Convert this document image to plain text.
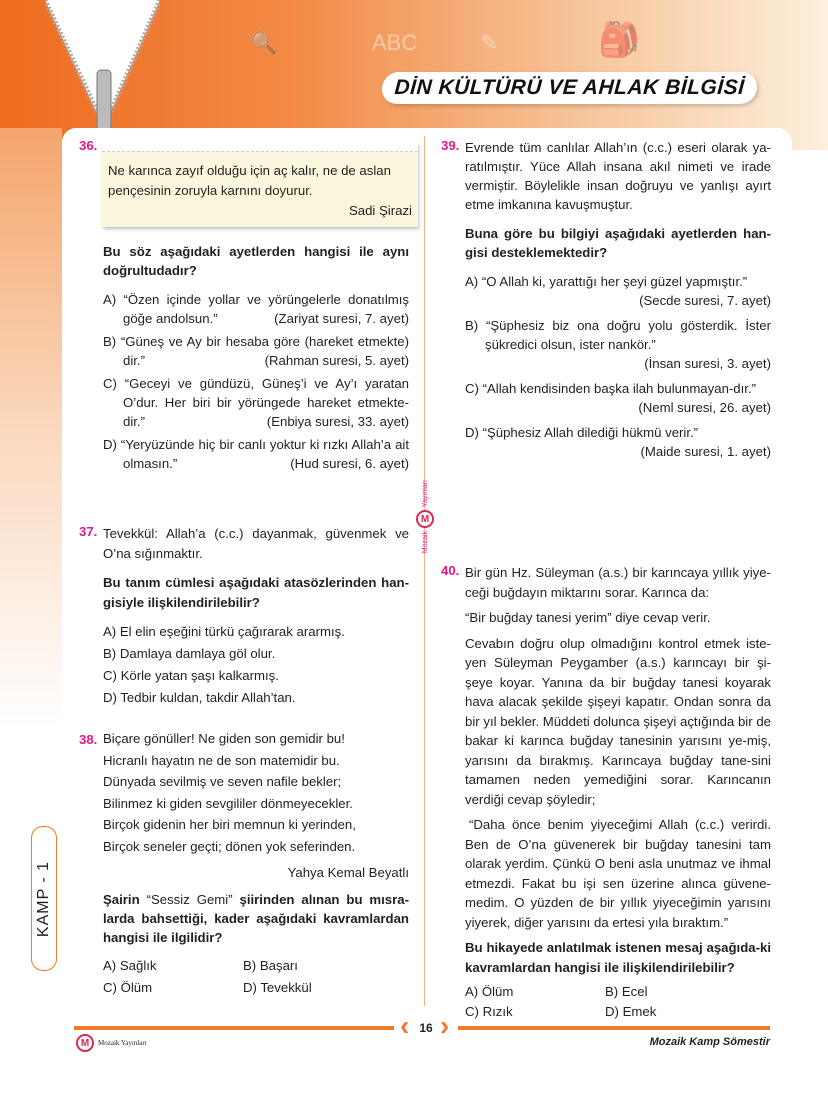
🔍	ABC	✎	🎒
DİN KÜLTÜRÜ VE AHLAK BİLGİSİ
Yayınları
M
Mozaik
36.
Ne karınca zayıf olduğu için aç kalır, ne de aslan pençesinin zoruyla karnını doyurur.
Sadi Şirazi
Bu söz aşağıdaki ayetlerden hangisi ile aynı doğrultudadır?
A) “Özen içinde yollar ve yörüngelerle donatılmış göğe andolsun.”	(Zariyat suresi, 7. ayet)
B) “Güneş ve Ay bir hesaba göre (hareket etmekte) dir.”	(Rahman suresi, 5. ayet)
C) “Geceyi ve gündüzü, Güneş’i ve Ay’ı yaratan O’dur. Her biri bir yörüngede hareket etmekte-dir.”	(Enbiya suresi, 33. ayet)
D) “Yeryüzünde hiç bir canlı yoktur ki rızkı Allah’a ait olmasın.”	(Hud suresi, 6. ayet)
37. Tevekkül: Allah’a (c.c.) dayanmak, güvenmek ve O’na sığınmaktır.
Bu tanım cümlesi aşağıdaki atasözlerinden han-gisiyle ilişkilendirilebilir?
A) El elin eşeğini türkü çağırarak ararmış.
B) Damlaya damlaya göl olur.
C) Körle yatan şaşı kalkarmış.
D) Tedbir kuldan, takdir Allah’tan.
38. Biçare gönüller! Ne giden son gemidir bu!
Hicranlı hayatın ne de son matemidir bu.
Dünyada sevilmiş ve seven nafile bekler;
Bilinmez ki giden sevgililer dönmeyecekler.
Birçok gidenin her biri memnun ki yerinden,
Birçok seneler geçti; dönen yok seferinden.
Yahya Kemal Beyatlı
Şairin “Sessiz Gemi” şiirinden alınan bu mısra-larda bahsettiği, kader aşağıdaki kavramlardan hangisi ile ilgilidir?
A) Sağlık	B) Başarı
C) Ölüm	D) Tevekkül
KAMP - 1
39. Evrende tüm canlılar Allah’ın (c.c.) eseri olarak ya-ratılmıştır. Yüce Allah insana akıl nimeti ve irade vermiştir. Böylelikle insan doğruyu ve yanlışı ayırt etme imkanına kavuşmuştur.
Buna göre bu bilgiyi aşağıdaki ayetlerden han-gisi desteklemektedir?
A) “O Allah ki, yarattığı her şeyi güzel yapmıştır.”
(Secde suresi, 7. ayet)
B) “Şüphesiz biz ona doğru yolu gösterdik. İster şükredici olsun, ister nankör.”
(İnsan suresi, 3. ayet)
C) “Allah kendisinden başka ilah bulunmayan-dır.”
(Neml suresi, 26. ayet)
D) “Şüphesiz Allah dilediği hükmü verir.”
(Maide suresi, 1. ayet)
40. Bir gün Hz. Süleyman (a.s.) bir karıncaya yıllık yiye-ceği buğdayın miktarını sorar. Karınca da:
“Bir buğday tanesi yerim” diye cevap verir.
Cevabın doğru olup olmadığını kontrol etmek iste-yen Süleyman Peygamber (a.s.) karıncayı bir şi-şeye koyar. Yanına da bir buğday tanesi koyarak hava alacak şekilde şişeyi kapatır. Ondan sonra da bir yıl bekler. Müddeti dolunca şişeyi açtığında bir de bakar ki karınca buğday tanesinin yarısını ye-miş, yarısını da bırakmış. Karıncaya buğday tane-sini tamamen neden yemediğini sorar. Karıncanın verdiği cevap şöyledir;
“Daha önce benim yiyeceğimi Allah (c.c.) verirdi. Ben de O’na güvenerek bir buğday tanesini tam olarak yerdim. Çünkü O beni asla unutmaz ve ihmal etmezdi. Fakat bu işi sen üzerine alınca güvene-medim. O yüzden de bir yıllık yiyeceğimin yarısını yiyerek, diğer yarısını da ertesi yıla bıraktım.”
Bu hikayede anlatılmak istenen mesaj aşağıda-ki kavramlardan hangisi ile ilişkilendirilebilir?
A) Ölüm	B) Ecel
C) Rızık	D) Emek
‹ ›
16
M	Mozaik Yayınları	Mozaik Kamp Sömestir
